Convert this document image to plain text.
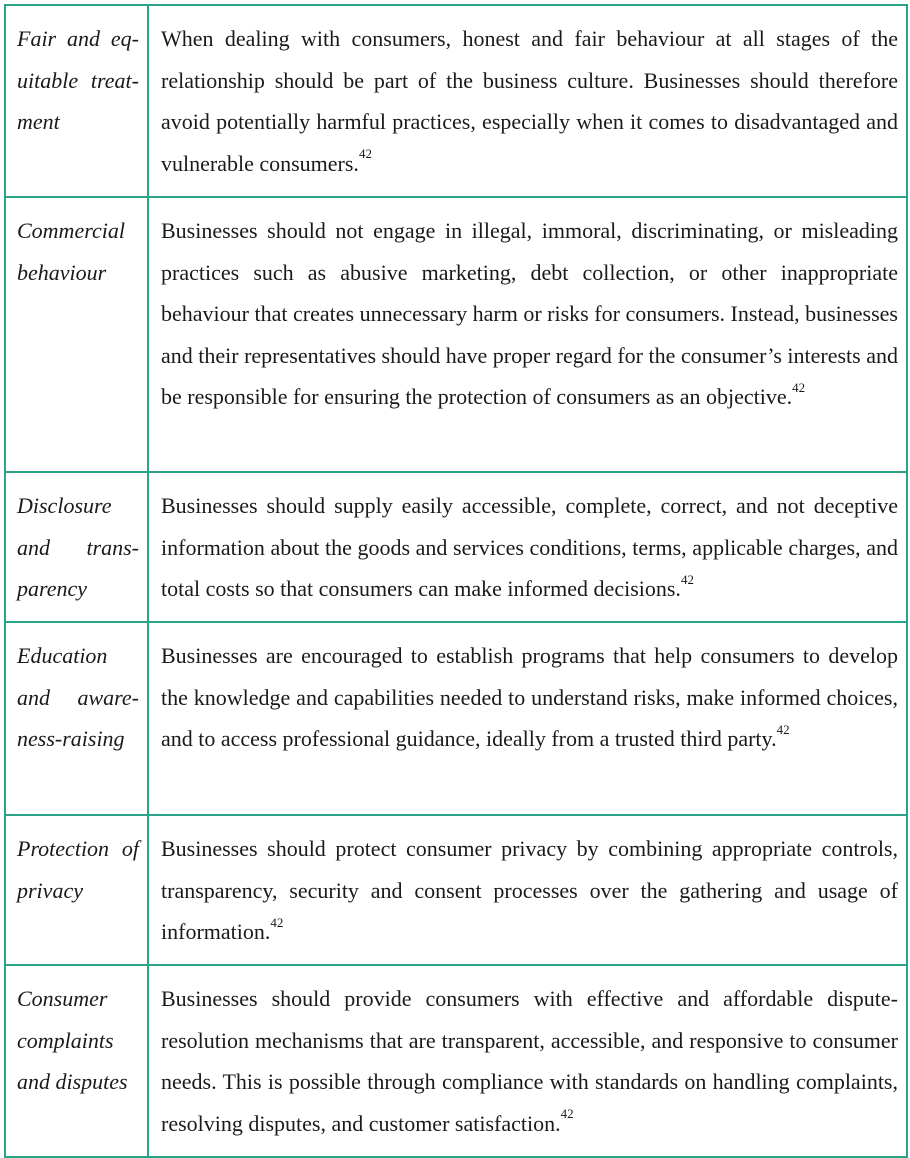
Fair and eq-uitable treat-ment
When dealing with consumers, honest and fair behaviour at all stages of the relationship should be part of the business culture. Businesses should therefore avoid potentially harmful practices, especially when it comes to disadvantaged and vulnerable consumers.$^{42}$
Commercial behaviour
Businesses should not engage in illegal, immoral, discriminating, or misleading practices such as abusive marketing, debt collection, or other inappropriate behaviour that creates unnecessary harm or risks for consumers. Instead, businesses and their representatives should have proper regard for the consumer’s interests and be responsible for ensuring the protection of consumers as an objective.$^{42}$
Disclosure and trans-parency
Businesses should supply easily accessible, complete, correct, and not deceptive information about the goods and services conditions, terms, applicable charges, and total costs so that consumers can make informed decisions.$^{42}$
Education and aware-ness-raising
Businesses are encouraged to establish programs that help consumers to develop the knowledge and capabilities needed to understand risks, make informed choices, and to access professional guidance, ideally from a trusted third party.$^{42}$
Protection of privacy
Businesses should protect consumer privacy by combining appropriate controls, transparency, security and consent processes over the gathering and usage of information.$^{42}$
Consumer complaints and disputes
Businesses should provide consumers with effective and affordable dispute-resolution mechanisms that are transparent, accessible, and responsive to consumer needs. This is possible through compliance with standards on handling complaints, resolving disputes, and customer satisfaction.$^{42}$
